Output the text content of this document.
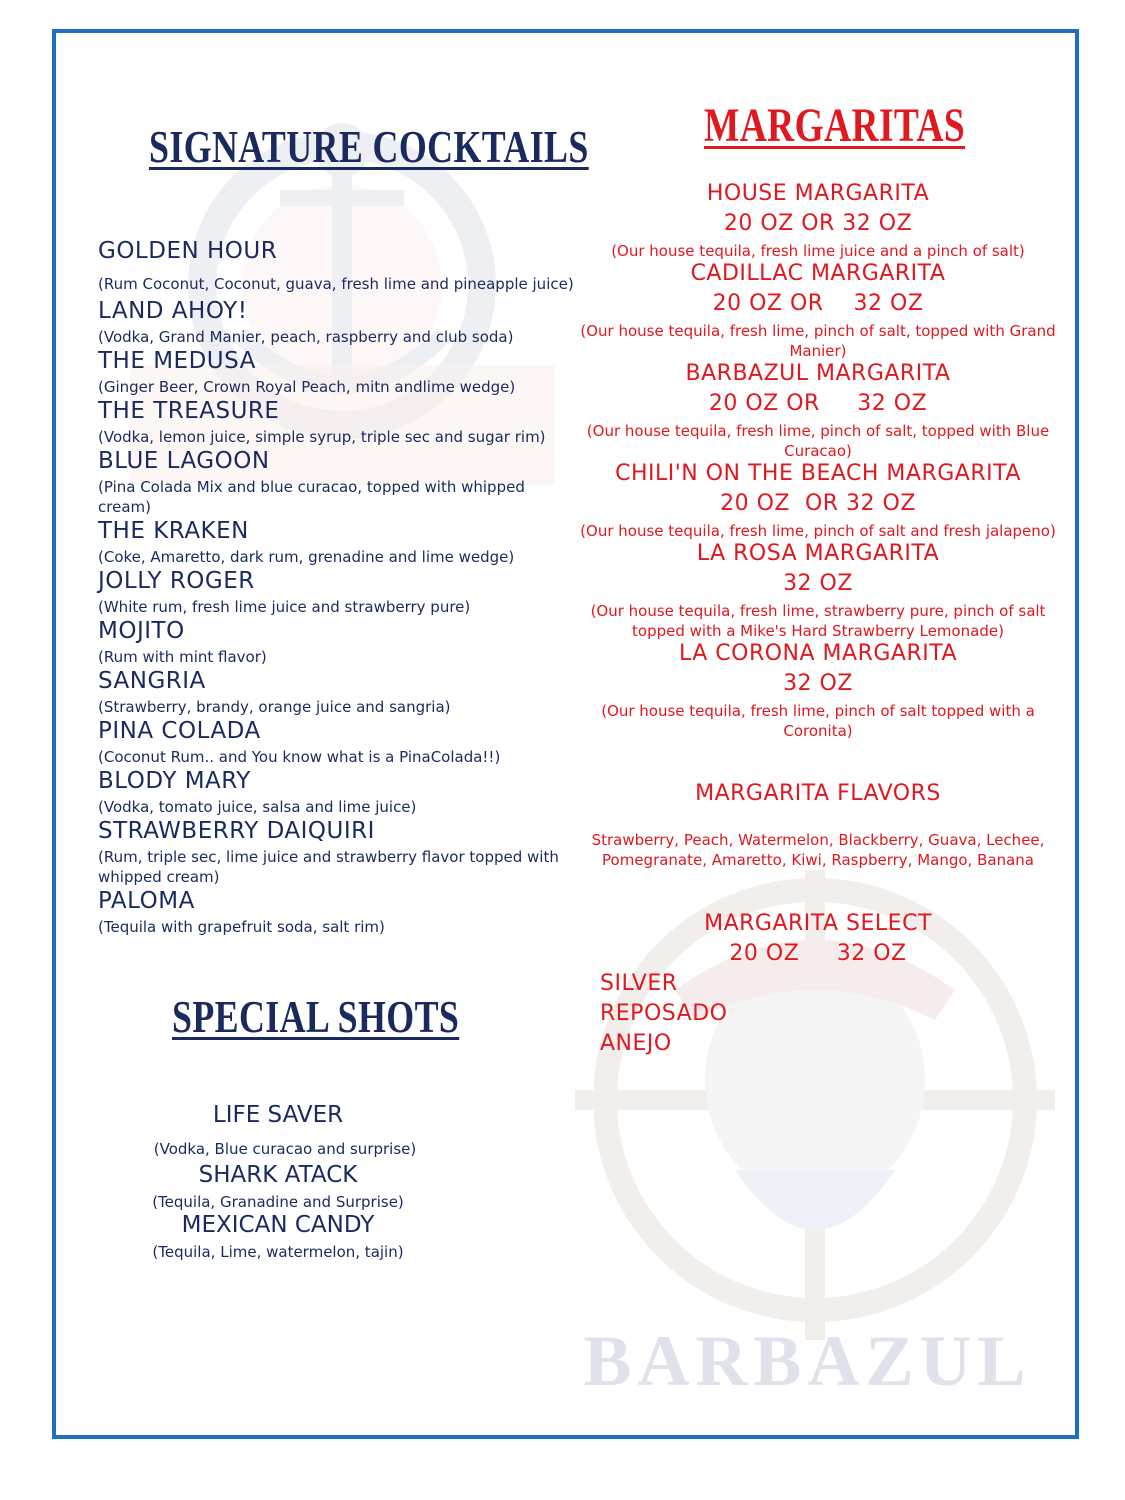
BARBAZUL
SIGNATURE COCKTAILS
GOLDEN HOUR
(Rum Coconut, Coconut, guava, fresh lime and pineapple juice)
LAND AHOY!
(Vodka, Grand Manier, peach, raspberry and club soda)
THE MEDUSA
(Ginger Beer, Crown Royal Peach, mitn andlime wedge)
THE TREASURE
(Vodka, lemon juice, simple syrup, triple sec and sugar rim)
BLUE LAGOON
(Pina Colada Mix and blue curacao, topped with whipped
cream)
THE KRAKEN
(Coke, Amaretto, dark rum, grenadine and lime wedge)
JOLLY ROGER
(White rum, fresh lime juice and strawberry pure)
MOJITO
(Rum with mint flavor)
SANGRIA
(Strawberry, brandy, orange juice and sangria)
PINA COLADA
(Coconut Rum.. and You know what is a PinaColada!!)
BLODY MARY
(Vodka, tomato juice, salsa and lime juice)
STRAWBERRY DAIQUIRI
(Rum, triple sec, lime juice and strawberry flavor topped with
whipped cream)
PALOMA
(Tequila with grapefruit soda, salt rim)
SPECIAL SHOTS
LIFE SAVER
(Vodka, Blue curacao and surprise)
SHARK ATACK
(Tequila, Granadine and Surprise)
MEXICAN CANDY
(Tequila, Lime, watermelon, tajin)
MARGARITAS
HOUSE MARGARITA
20 OZ OR 32 OZ
(Our house tequila, fresh lime juice and a pinch of salt)
CADILLAC MARGARITA
20 OZ OR    32 OZ
(Our house tequila, fresh lime, pinch of salt, topped with Grand Manier)
BARBAZUL MARGARITA
20 OZ OR     32 OZ
(Our house tequila, fresh lime, pinch of salt, topped with Blue Curacao)
CHILI'N ON THE BEACH MARGARITA
20 OZ  OR 32 OZ
(Our house tequila, fresh lime, pinch of salt and fresh jalapeno)
LA ROSA MARGARITA
32 OZ
(Our house tequila, fresh lime, strawberry pure, pinch of salt topped with a Mike's Hard Strawberry Lemonade)
LA CORONA MARGARITA
32 OZ
(Our house tequila, fresh lime, pinch of salt topped with a Coronita)
MARGARITA FLAVORS
Strawberry, Peach, Watermelon, Blackberry, Guava, Lechee,
Pomegranate, Amaretto, Kiwi, Raspberry, Mango, Banana
MARGARITA SELECT
20 OZ     32 OZ
SILVER
REPOSADO
ANEJO
